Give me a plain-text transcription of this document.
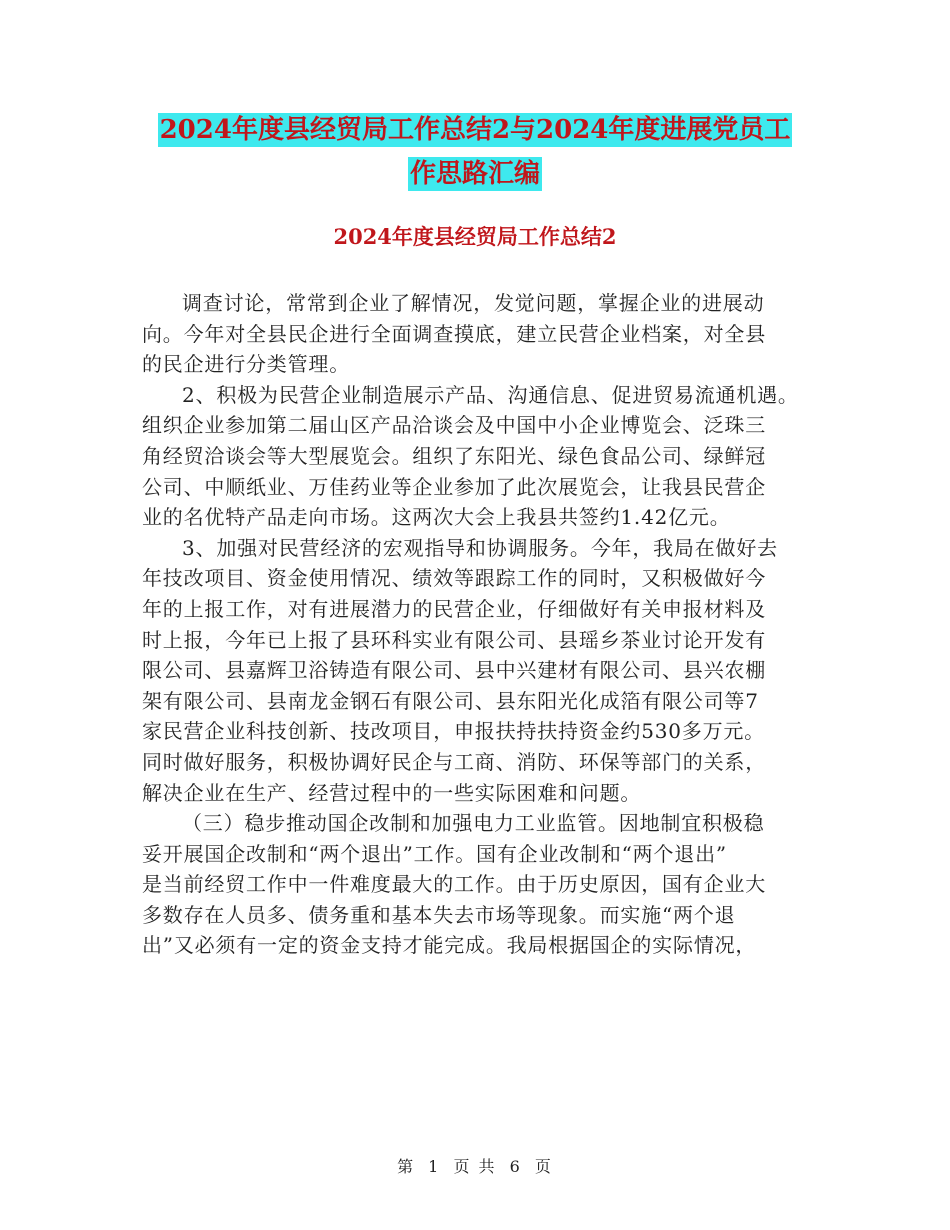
2024年度县经贸局工作总结2与2024年度进展党员工
作思路汇编
2024年度县经贸局工作总结2
调查讨论，常常到企业了解情况，发觉问题，掌握企业的进展动
向。今年对全县民企进行全面调查摸底，建立民营企业档案，对全县
的民企进行分类管理。
2、积极为民营企业制造展示产品、沟通信息、促进贸易流通机遇。
组织企业参加第二届山区产品洽谈会及中国中小企业博览会、泛珠三
角经贸洽谈会等大型展览会。组织了东阳光、绿色食品公司、绿鲜冠
公司、中顺纸业、万佳药业等企业参加了此次展览会，让我县民营企
业的名优特产品走向市场。这两次大会上我县共签约1.42亿元。
3、加强对民营经济的宏观指导和协调服务。今年，我局在做好去
年技改项目、资金使用情况、绩效等跟踪工作的同时，又积极做好今
年的上报工作，对有进展潜力的民营企业，仔细做好有关申报材料及
时上报，今年已上报了县环科实业有限公司、县瑶乡茶业讨论开发有
限公司、县嘉辉卫浴铸造有限公司、县中兴建材有限公司、县兴农棚
架有限公司、县南龙金钢石有限公司、县东阳光化成箔有限公司等7
家民营企业科技创新、技改项目，申报扶持扶持资金约530多万元。
同时做好服务，积极协调好民企与工商、消防、环保等部门的关系，
解决企业在生产、经营过程中的一些实际困难和问题。
（三）稳步推动国企改制和加强电力工业监管。因地制宜积极稳
妥开展国企改制和“两个退出”工作。国有企业改制和“两个退出”
是当前经贸工作中一件难度最大的工作。由于历史原因，国有企业大
多数存在人员多、债务重和基本失去市场等现象。而实施“两个退
出”又必须有一定的资金支持才能完成。我局根据国企的实际情况，
第 1 页 共 6 页
